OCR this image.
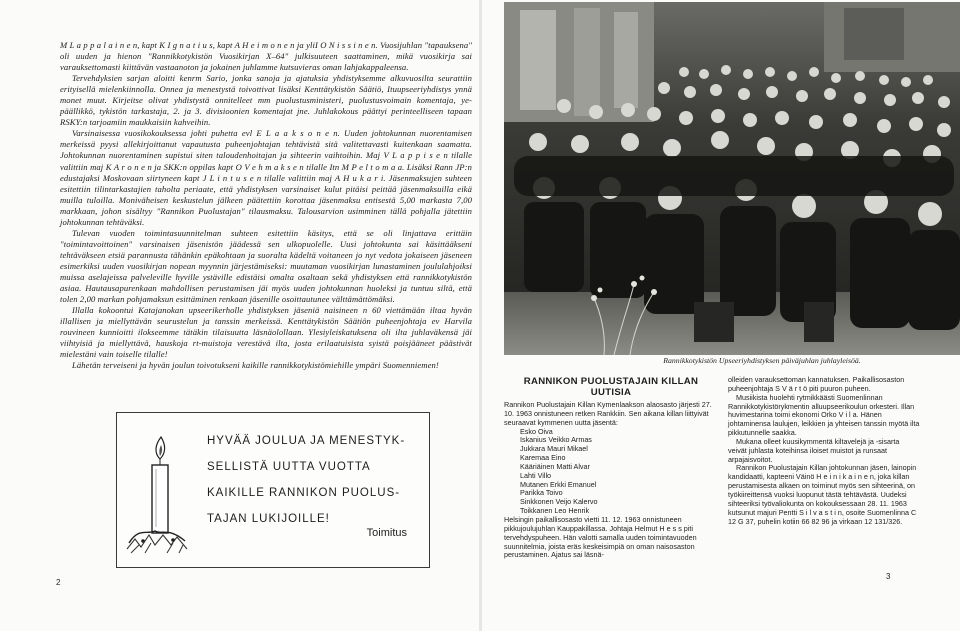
M L a p p a l a i n e n, kapt K I g n a t i u s, kapt A H e i m o n e n ja yliI O N i s s i n e n. Vuosijuhlan "tapauksena" oli uuden ja hienon "Rannikkotykistön Vuosikirjan X–64" julkisuuteen saattaminen, mikä vuosikirja sai varauksettomasti kiittävän vastaanoton ja jokainen juhlamme kutsuvieras oman lahjakappaleensa.

Tervehdyksien sarjan aloitti kenrm Sario, jonka sanoja ja ajatuksia yhdistyksemme alkuvuosilta seurattiin erityisellä mielenkiinnolla. Onnea ja menestystä toivottivat lisäksi Kenttätykistön Säätiö, Ituupseeriyhdistys ynnä monet muut. Kirjeitse olivat yhdistystä onnitelleet mm puolustusministeri, puolustusvoimain komentaja, ye-päällikkö, tykistön tarkastaja, 2. ja 3. divisioonien komentajat jne. Juhlakokous päättyi perinteelliseen tapaan RSKY:n tarjoamiin maukkaisiin kahveihin.

Varsinaisessa vuosikokouksessa johti puhetta evl E L a a k s o n e n. Uuden johtokunnan nuorentamisen merkeissä pyysi allekirjoittanut vapautusta puheenjohtajan tehtävistä sitä valitettavasti kuitenkaan saamatta. Johtokunnan nuorentaminen supistui siten taloudenhoitajan ja sihteerin vaihtoihin. Maj V L a p p i s e n tilalle valittiin maj K A r o n e n ja SKK:n oppilas kapt O V e h m a k s e n tilalle Itn M P e l t o m a a. Lisäksi Rann JP:n edustajaksi Moskovaan siirtyneen kapt J L i n t u s e n tilalle valittiin maj A H u k a r i. Jäsenmaksujen suhteen esitettiin tilintarkastajien taholta periaate, että yhdistyksen varsinaiset kulut pitäisi peittää jäsenmaksuilla eikä muilla tuloilla. Moniväheisen keskustelun jälkeen päätettiin korottaa jäsenmaksu entisestä 5,00 markasta 7,00 markkaan, johon sisältyy "Rannikon Puolustajan" tilausmaksu. Talousarvion usimminen tällä pohjalla jätettiin johtokunnan tehtäväksi.

Tulevan vuoden toimintasuunnitelman suhteen esitettiin käsitys, että se oli linjattava erittäin "toimintavoittoinen" varsinaisen jäsenistön jäädessä sen ulkopuolelle. Uusi johtokunta sai käsittääkseni tehtäväkseen etsiä parannusta tähänkin epäkohtaan ja suoralta kädeltä voitaneen jo nyt vedota jokaiseen jäseneen esimerkiksi uuden vuosikirjan nopean myynnin järjestämiseksi: muutaman vuosikirjan lunastaminen joululahjoiksi muissa aselajeissa palveleville hyville ystäville edistäisi omalta osaltaan sekä yhdistyksen että rannikkotykistön asiaa. Hautausapurenkaan mahdollisen perustamisen jäi myös uuden johtokunnan huoleksi ja tuntuu siltä, että tolen 2,00 markan pohjamaksun esittäminen renkaan jäsenille osoittautunee välttämättömäksi.

Illalla kokoontui Katajanokan upseerikerholle yhdistyksen jäseniä naisineen n 60 viettämään iltaa hyvän illallisen ja miellyttävän seurustelun ja tanssin merkeissä. Kenttätykistön Säätiön puheenjohtaja ev Harvila rouvineen kunnioitti ilokseemme tätäkin tilaisuutta läsnäolollaan. Ylesiyleiskatuksena oli ilta juhlaväkensä jäi viihtyisiä ja miellyttävä, hauskoja rt-muistoja verestävä ilta, josta erilaatuisista syistä poisjääneet päästivät mielestäni vain toiselle tilalle!

Lähetän terveiseni ja hyvän joulun toivotukseni kaikille rannikkotykistömiehille ympäri Suomenniemen!

HYVÄÄ JOULUA JA MENESTYK-
SELLISTÄ UUTTA VUOTTA
KAIKILLE RANNIKON PUOLUS-
TAJAN LUKIJOILLE!
Toimitus
2
Rannikkotykistön Upseeriyhdistyksen päiväjuhlan juhlayleisöä.
RANNIKON PUOLUSTAJAIN KILLAN UUTISIA
Rannikon Puolustajain Killan Kymenlaakson alaosasto järjesti 27. 10. 1963 onnistuneen retken Rankkiin. Sen aikana killan liittyivät seuraavat kymmenen uutta jäsentä:
Esko Oiva
Iskanius Veikko Armas
Jukkara Mauri Mikael
Karemaa Eino
Kääriäinen Matti Alvar
Lahti Villo
Mutanen Erkki Emanuel
Parikka Toivo
Sinkkonen Veijo Kalervo
Toikkanen Leo Henrik
Helsingin paikallisosasto vietti 11. 12. 1963 onnistuneen pikkujoulujuhlan Kauppakillassa. Johtaja Helmut H e s s piti tervehdyspuheen. Hän valotti samalla uuden toimintavuoden suunnitelmia, joista eräs keskeisimpiä on oman naisosaston perustaminen. Ajatus sai läsnä-

olleiden varauksettoman kannatuksen. Paikallisosaston puheenjohtaja S V ä r t ö piti puuron puheen.

Musiikista huolehti rytmikkäästi Suomenlinnan Rannikkotykistörykmentin alluupseerikoulun orkesteri. Illan huvimestarina toimi ekonomi Orko V i l a. Hänen johtaminensa laulujen, leikkien ja yhteisen tanssin myötä ilta pikkutunnelle saakka.

Mukana olleet kuusikymmentä kiltavelejä ja -sisarta veivät juhlasta koteihinsa iloiset muistot ja runsaat arpajaisvoitot.

Rannikon Puolustajain Killan johtokunnan jäsen, lainopin kandidaatti, kapteeni Väinö H e i n i k a i n e n, joka killan perustamisesta alkaen on toiminut myös sen sihteerinä, on työkiireittensä vuoksi luopunut tästä tehtävästä. Uudeksi sihteeriksi työvaliokunta on kokouksessaan 28. 11. 1963 kutsunut majuri Pentti S i l v a s t i n, osoite Suomenlinna C 12 G 37, puhelin kotiin 66 82 96 ja virkaan 12 131/326.

3
